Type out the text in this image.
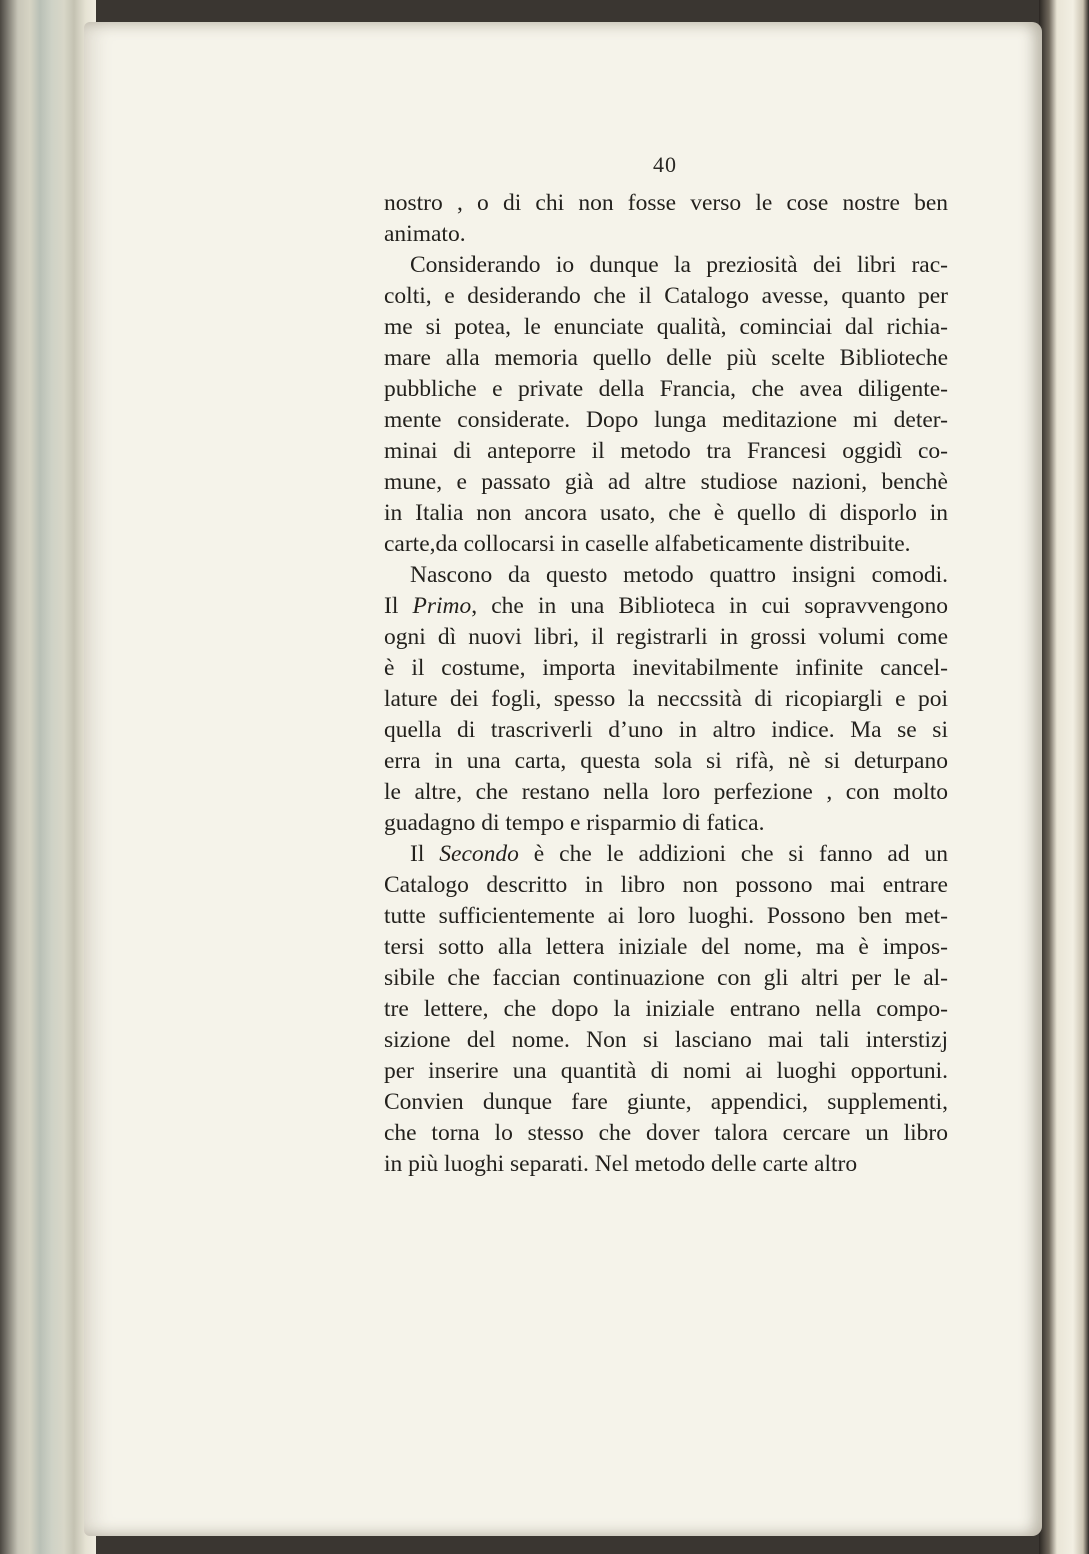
40
nostro , o di chi non fosse verso le cose nostre ben
animato.
Considerando io dunque la preziosità dei libri rac-
colti, e desiderando che il Catalogo avesse, quanto per
me si potea, le enunciate qualità, cominciai dal richia-
mare alla memoria quello delle più scelte Biblioteche
pubbliche e private della Francia, che avea diligente-
mente considerate. Dopo lunga meditazione mi deter-
minai di anteporre il metodo tra Francesi oggidì co-
mune, e passato già ad altre studiose nazioni, benchè
in Italia non ancora usato, che è quello di disporlo in
carte,da collocarsi in caselle alfabeticamente distribuite.
Nascono da questo metodo quattro insigni comodi.
Il Primo, che in una Biblioteca in cui sopravvengono
ogni dì nuovi libri, il registrarli in grossi volumi come
è il costume, importa inevitabilmente infinite cancel-
lature dei fogli, spesso la neccssità di ricopiargli e poi
quella di trascriverli d’uno in altro indice. Ma se si
erra in una carta, questa sola si rifà, nè si deturpano
le altre, che restano nella loro perfezione , con molto
guadagno di tempo e risparmio di fatica.
Il Secondo è che le addizioni che si fanno ad un
Catalogo descritto in libro non possono mai entrare
tutte sufficientemente ai loro luoghi. Possono ben met-
tersi sotto alla lettera iniziale del nome, ma è impos-
sibile che faccian continuazione con gli altri per le al-
tre lettere, che dopo la iniziale entrano nella compo-
sizione del nome. Non si lasciano mai tali interstizj
per inserire una quantità di nomi ai luoghi opportuni.
Convien dunque fare giunte, appendici, supplementi,
che torna lo stesso che dover talora cercare un libro
in più luoghi separati. Nel metodo delle carte altro
